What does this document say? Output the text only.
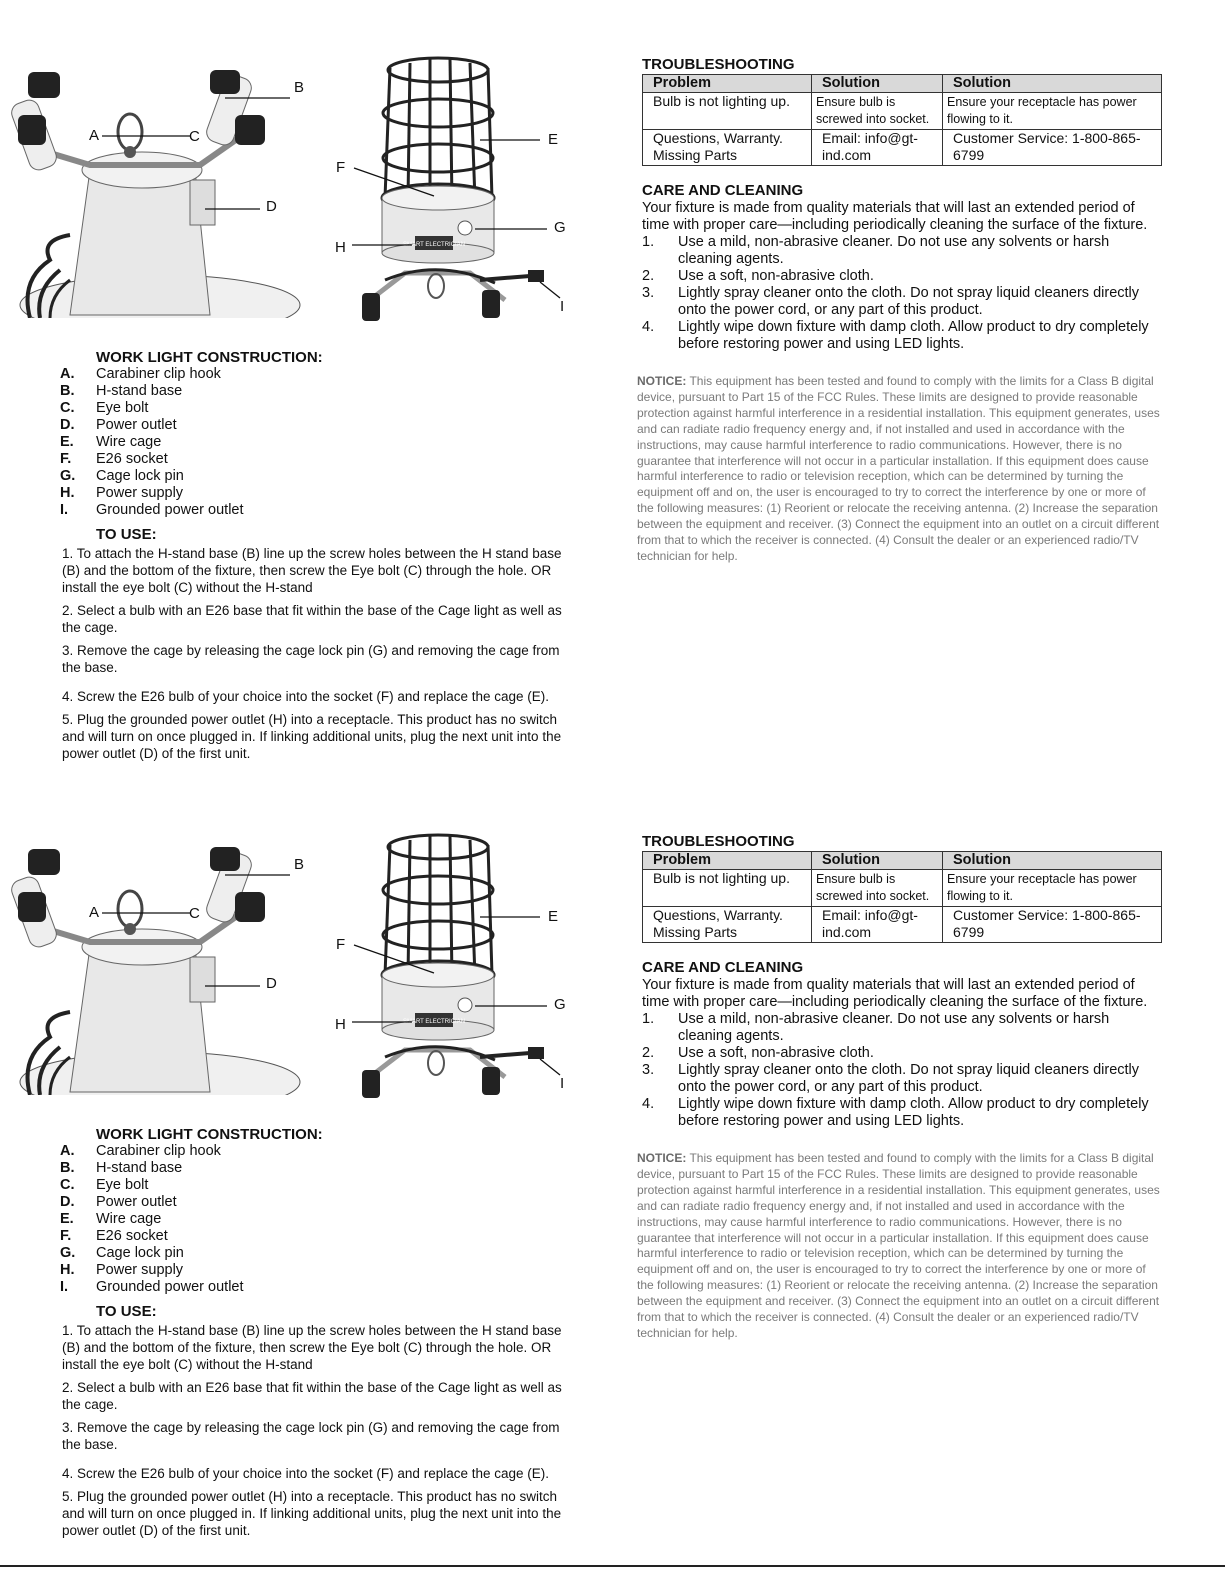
A	C
B
D
SMART ELECTRICIAN
E
F
G
H
I
WORK LIGHT CONSTRUCTION:
A.	Carabiner clip hook
B.	H-stand base
C.	Eye bolt
D.	Power outlet
E.	Wire cage
F.	E26 socket
G.	Cage lock pin
H.	Power supply
I.	Grounded power outlet
TO USE:

1. To attach the H-stand base (B) line up the screw holes between the H stand base (B) and the bottom of the fixture, then screw the Eye bolt (C) through the hole. OR install the eye bolt (C) without the H-stand

2. Select a bulb with an E26 base that fit within the base of the Cage light as well as the cage.

3. Remove the cage by releasing the cage lock pin (G) and removing the cage from the base.

4. Screw the E26 bulb of your choice into the socket (F) and replace the cage (E).

5. Plug the grounded power outlet (H) into a receptacle. This product has no switch and will turn on once plugged in. If linking additional units, plug the next unit into the power outlet (D) of the first unit.

TROUBLESHOOTING
Problem	Solution	Solution
Bulb is not lighting up.	Ensure bulb is screwed into socket.	Ensure your receptacle has power flowing to it.
Questions, Warranty. Missing Parts	Email: info@gt-ind.com	Customer Service: 1-800-865-6799
CARE AND CLEANING
Your fixture is made from quality materials that will last an extended period of time with proper care—including periodically cleaning the surface of the fixture.
1.	Use a mild, non-abrasive cleaner. Do not use any solvents or harsh cleaning agents.
2.	Use a soft, non-abrasive cloth.
3.	Lightly spray cleaner onto the cloth. Do not spray liquid cleaners directly onto the power cord, or any part of this product.
4.	Lightly wipe down fixture with damp cloth. Allow product to dry completely before restoring power and using LED lights.
NOTICE: This equipment has been tested and found to comply with the limits for a Class B digital device, pursuant to Part 15 of the FCC Rules. These limits are designed to provide reasonable protection against harmful interference in a residential installation. This equipment generates, uses and can radiate radio frequency energy and, if not installed and used in accordance with the instructions, may cause harmful interference to radio communications. However, there is no guarantee that interference will not occur in a particular installation. If this equipment does cause harmful interference to radio or television reception, which can be determined by turning the equipment off and on, the user is encouraged to try to correct the interference by one or more of the following measures: (1) Reorient or relocate the receiving antenna. (2) Increase the separation between the equipment and receiver. (3) Connect the equipment into an outlet on a circuit different from that to which the receiver is connected. (4) Consult the dealer or an experienced radio/TV technician for help.
A	C
B
D
SMART ELECTRICIAN
E
F
G
H
I
WORK LIGHT CONSTRUCTION:
A.	Carabiner clip hook
B.	H-stand base
C.	Eye bolt
D.	Power outlet
E.	Wire cage
F.	E26 socket
G.	Cage lock pin
H.	Power supply
I.	Grounded power outlet
TO USE:

1. To attach the H-stand base (B) line up the screw holes between the H stand base (B) and the bottom of the fixture, then screw the Eye bolt (C) through the hole. OR install the eye bolt (C) without the H-stand

2. Select a bulb with an E26 base that fit within the base of the Cage light as well as the cage.

3. Remove the cage by releasing the cage lock pin (G) and removing the cage from the base.

4. Screw the E26 bulb of your choice into the socket (F) and replace the cage (E).

5. Plug the grounded power outlet (H) into a receptacle. This product has no switch and will turn on once plugged in. If linking additional units, plug the next unit into the power outlet (D) of the first unit.

TROUBLESHOOTING
Problem	Solution	Solution
Bulb is not lighting up.	Ensure bulb is screwed into socket.	Ensure your receptacle has power flowing to it.
Questions, Warranty. Missing Parts	Email: info@gt-ind.com	Customer Service: 1-800-865-6799
CARE AND CLEANING
Your fixture is made from quality materials that will last an extended period of time with proper care—including periodically cleaning the surface of the fixture.
1.	Use a mild, non-abrasive cleaner. Do not use any solvents or harsh cleaning agents.
2.	Use a soft, non-abrasive cloth.
3.	Lightly spray cleaner onto the cloth. Do not spray liquid cleaners directly onto the power cord, or any part of this product.
4.	Lightly wipe down fixture with damp cloth. Allow product to dry completely before restoring power and using LED lights.
NOTICE: This equipment has been tested and found to comply with the limits for a Class B digital device, pursuant to Part 15 of the FCC Rules. These limits are designed to provide reasonable protection against harmful interference in a residential installation. This equipment generates, uses and can radiate radio frequency energy and, if not installed and used in accordance with the instructions, may cause harmful interference to radio communications. However, there is no guarantee that interference will not occur in a particular installation. If this equipment does cause harmful interference to radio or television reception, which can be determined by turning the equipment off and on, the user is encouraged to try to correct the interference by one or more of the following measures: (1) Reorient or relocate the receiving antenna. (2) Increase the separation between the equipment and receiver. (3) Connect the equipment into an outlet on a circuit different from that to which the receiver is connected. (4) Consult the dealer or an experienced radio/TV technician for help.
